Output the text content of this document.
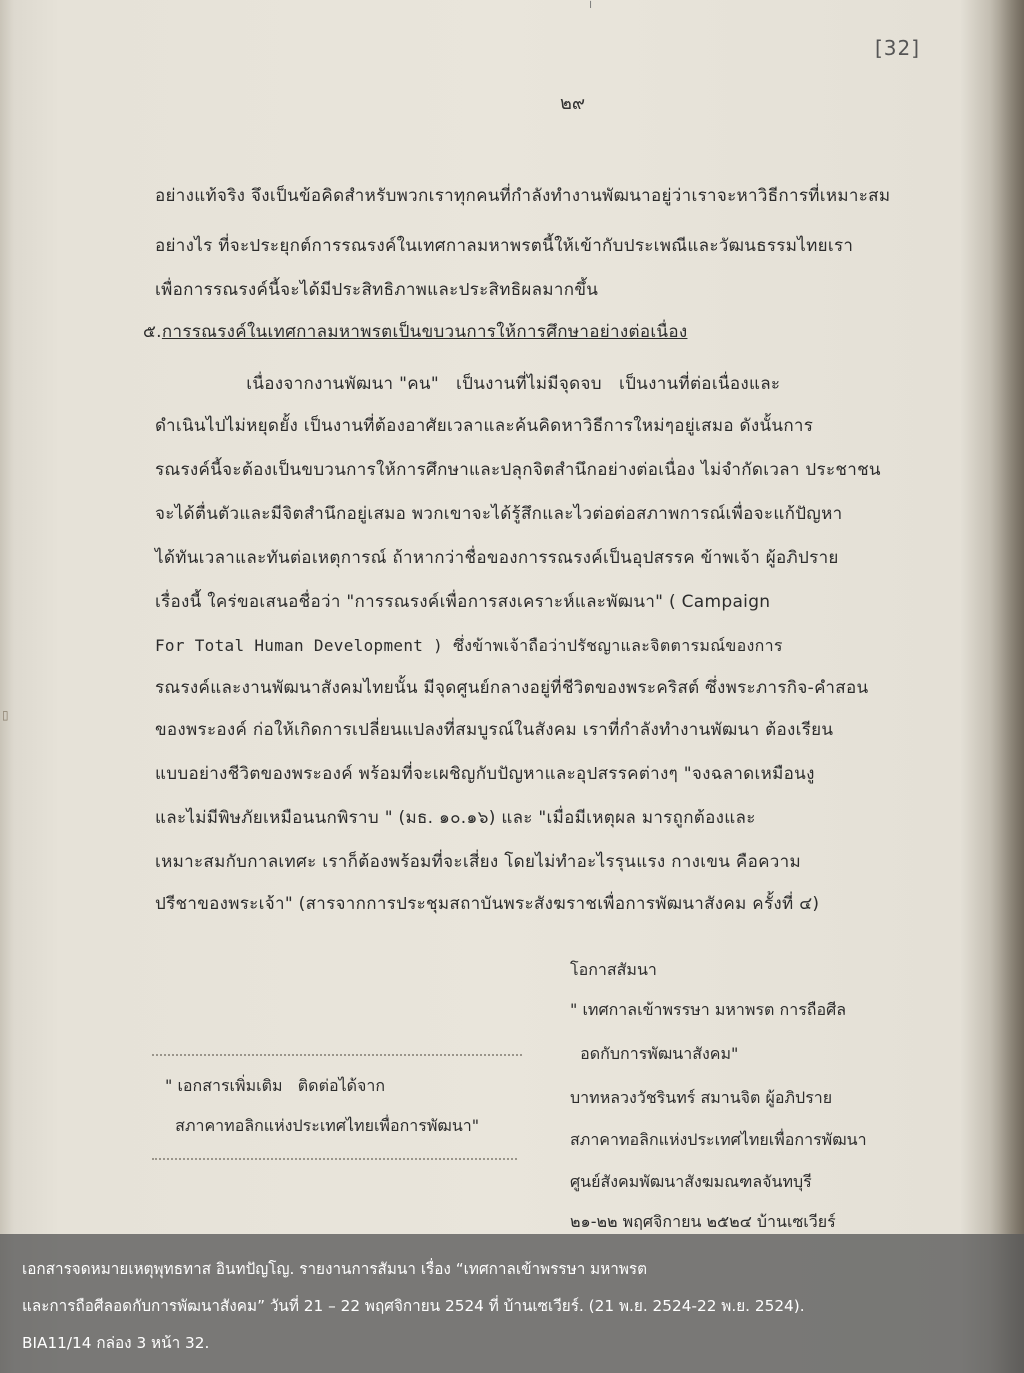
╷
[32]
๒๙
อย่างแท้จริง จึงเป็นข้อคิดสำหรับพวกเราทุกคนที่กำลังทำงานพัฒนาอยู่ว่าเราจะหาวิธีการที่เหมาะสม
อย่างไร ที่จะประยุกต์การรณรงค์ในเทศกาลมหาพรตนี้ให้เข้ากับประเพณีและวัฒนธรรมไทยเรา
เพื่อการรณรงค์นี้จะได้มีประสิทธิภาพและประสิทธิผลมากขึ้น
๕.การรณรงค์ในเทศกาลมหาพรตเป็นขบวนการให้การศึกษาอย่างต่อเนื่อง
เนื่องจากงานพัฒนา "คน"   เป็นงานที่ไม่มีจุดจบ   เป็นงานที่ต่อเนื่องและ
ดำเนินไปไม่หยุดยั้ง เป็นงานที่ต้องอาศัยเวลาและค้นคิดหาวิธีการใหม่ๆอยู่เสมอ ดังนั้นการ
รณรงค์นี้จะต้องเป็นขบวนการให้การศึกษาและปลุกจิตสำนึกอย่างต่อเนื่อง ไม่จำกัดเวลา ประชาชน
จะได้ตื่นตัวและมีจิตสำนึกอยู่เสมอ พวกเขาจะได้รู้สึกและไวต่อต่อสภาพการณ์เพื่อจะแก้ปัญหา
ได้ทันเวลาและทันต่อเหตุการณ์ ถ้าหากว่าชื่อของการรณรงค์เป็นอุปสรรค ข้าพเจ้า ผู้อภิปราย
เรื่องนี้ ใคร่ขอเสนอชื่อว่า "การรณรงค์เพื่อการสงเคราะห์และพัฒนา" ( Campaign
For Total Human Development ) ซึ่งข้าพเจ้าถือว่าปรัชญาและจิตตารมณ์ของการ
รณรงค์และงานพัฒนาสังคมไทยนั้น มีจุดศูนย์กลางอยู่ที่ชีวิตของพระคริสต์ ซึ่งพระภารกิจ-คำสอน
ของพระองค์ ก่อให้เกิดการเปลี่ยนแปลงที่สมบูรณ์ในสังคม เราที่กำลังทำงานพัฒนา ต้องเรียน
แบบอย่างชีวิตของพระองค์ พร้อมที่จะเผชิญกับปัญหาและอุปสรรคต่างๆ "จงฉลาดเหมือนงู
และไม่มีพิษภัยเหมือนนกพิราบ " (มธ. ๑๐.๑๖) และ "เมื่อมีเหตุผล มารถูกต้องและ
เหมาะสมกับกาลเทศะ เราก็ต้องพร้อมที่จะเสี่ยง โดยไม่ทำอะไรรุนแรง กางเขน คือความ
ปรีชาของพระเจ้า" (สารจากการประชุมสถาบันพระสังฆราชเพื่อการพัฒนาสังคม ครั้งที่ ๔)
โอกาสสัมนา
" เทศกาลเข้าพรรษา มหาพรต การถือศีล
อดกับการพัฒนาสังคม"
บาทหลวงวัชรินทร์ สมานจิต ผู้อภิปราย
สภาคาทอลิกแห่งประเทศไทยเพื่อการพัฒนา
ศูนย์สังคมพัฒนาสังฆมณฑลจันทบุรี
๒๑-๒๒ พฤศจิกายน ๒๕๒๔ บ้านเซเวียร์
" เอกสารเพิ่มเติม   ติดต่อได้จาก
สภาคาทอลิกแห่งประเทศไทยเพื่อการพัฒนา"
▯
เอกสารจดหมายเหตุพุทธทาส อินทปัญโญ. รายงานการสัมนา เรื่อง “เทศกาลเข้าพรรษา มหาพรต
และการถือศีลอดกับการพัฒนาสังคม” วันที่ 21 – 22 พฤศจิกายน 2524 ที่ บ้านเซเวียร์. (21 พ.ย. 2524-22 พ.ย. 2524).
BIA11/14 กล่อง 3 หน้า 32.
